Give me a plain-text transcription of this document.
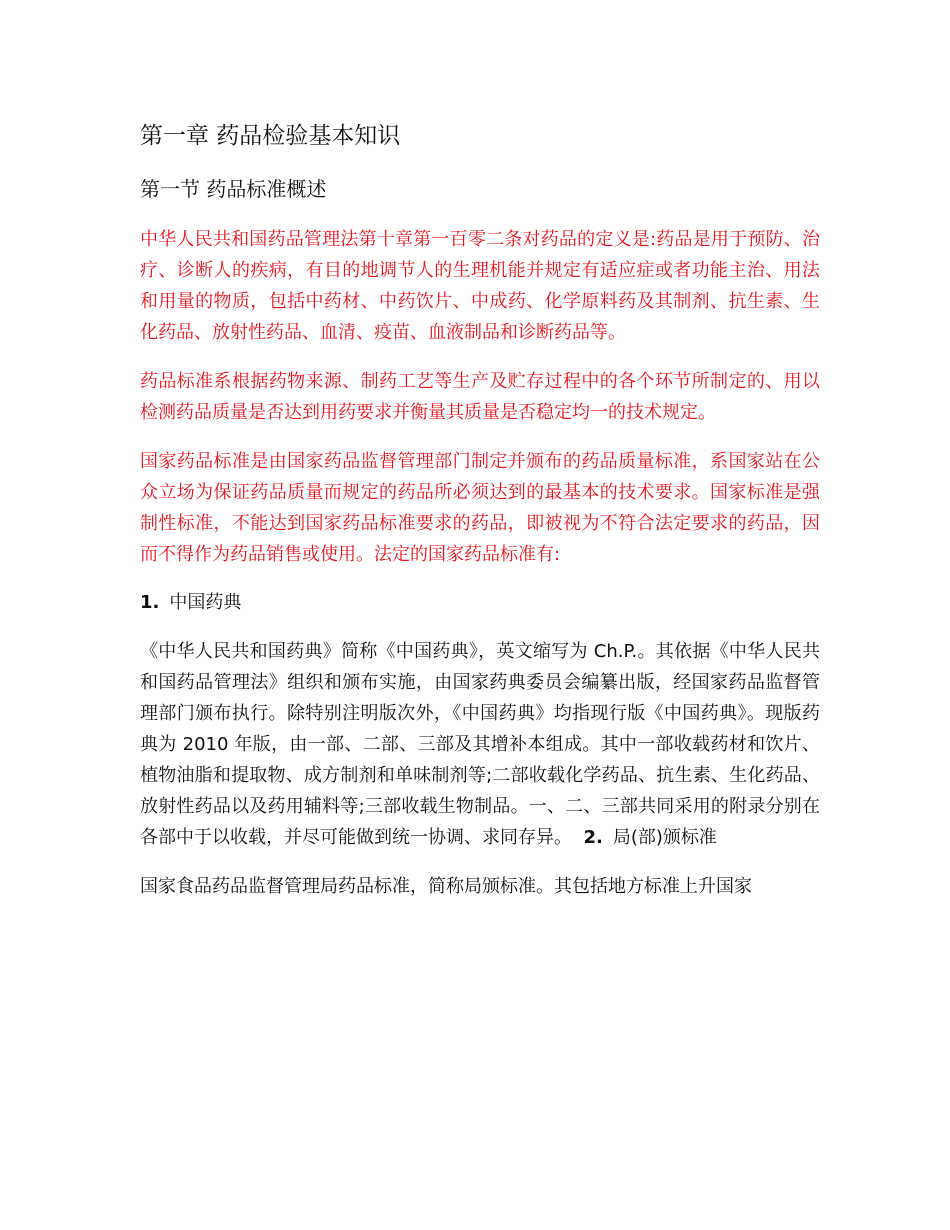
第一章 药品检验基本知识
第一节 药品标准概述

中华人民共和国药品管理法第十章第一百零二条对药品的定义是:药品是用于预防、治疗、诊断人的疾病，有目的地调节人的生理机能并规定有适应症或者功能主治、用法和用量的物质，包括中药材、中药饮片、中成药、化学原料药及其制剂、抗生素、生化药品、放射性药品、血清、疫苗、血液制品和诊断药品等。

药品标准系根据药物来源、制药工艺等生产及贮存过程中的各个环节所制定的、用以检测药品质量是否达到用药要求并衡量其质量是否稳定均一的技术规定。

国家药品标准是由国家药品监督管理部门制定并颁布的药品质量标准，系国家站在公众立场为保证药品质量而规定的药品所必须达到的最基本的技术要求。国家标准是强制性标准，不能达到国家药品标准要求的药品，即被视为不符合法定要求的药品，因而不得作为药品销售或使用。法定的国家药品标准有:

1. 中国药典

《中华人民共和国药典》简称《中国药典》，英文缩写为 Ch.P.。其依据《中华人民共和国药品管理法》组织和颁布实施，由国家药典委员会编纂出版，经国家药品监督管理部门颁布执行。除特别注明版次外，《中国药典》均指现行版《中国药典》。现版药典为 2010 年版，由一部、二部、三部及其增补本组成。其中一部收载药材和饮片、植物油脂和提取物、成方制剂和单味制剂等;二部收载化学药品、抗生素、生化药品、放射性药品以及药用辅料等;三部收载生物制品。一、二、三部共同采用的附录分别在各部中于以收载，并尽可能做到统一协调、求同存异。 2. 局(部)颁标准

国家食品药品监督管理局药品标准，简称局颁标准。其包括地方标准上升国家
